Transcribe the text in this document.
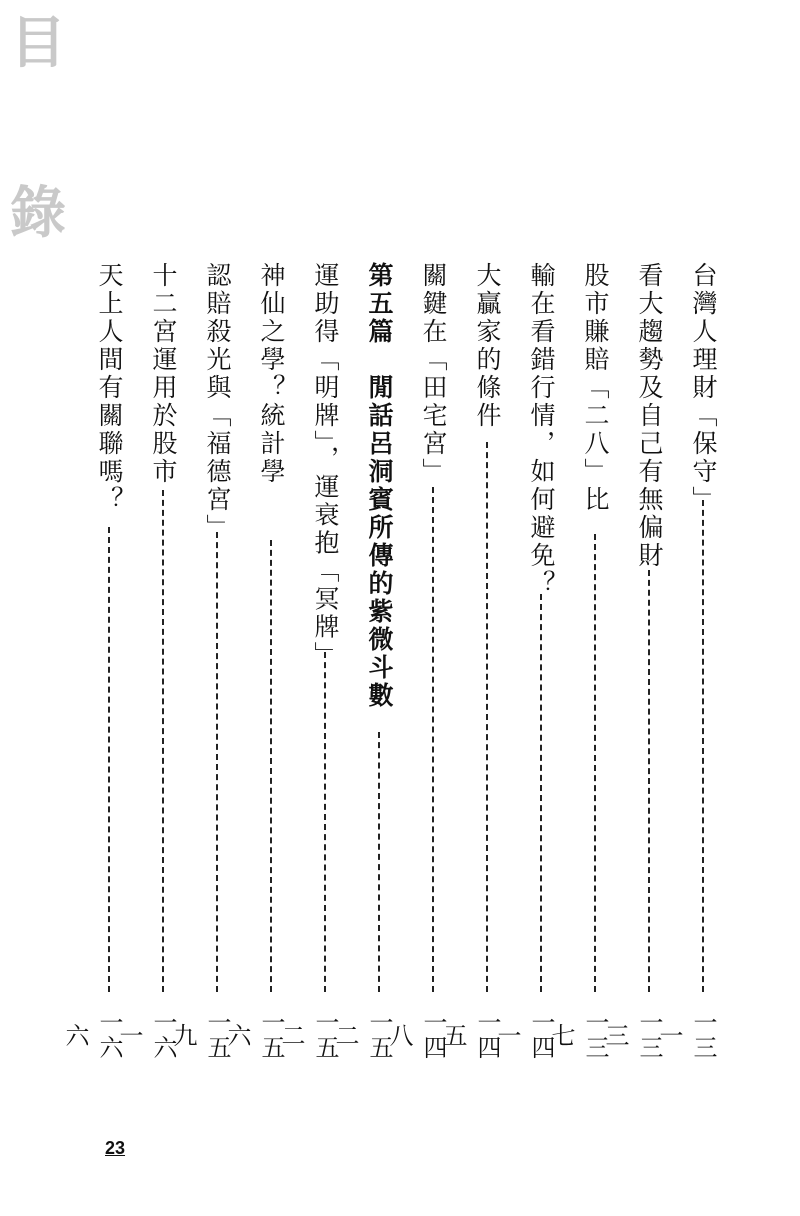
目
錄
台灣人理財「保守」
一三一
看大趨勢及自己有無偏財
一三三
股市賺賠「二八」比
一三七
輸在看錯行情，如何避免？
一四一
大贏家的條件
一四五
關鍵在「田宅宮」
一四八
第五篇　閒話呂洞賓所傳的紫微斗數
一五二
運助得「明牌」，運衰抱「冥牌」
一五二
神仙之學？統計學
一五六
認賠殺光與「福德宮」
一五九
十二宮運用於股市
一六一
天上人間有關聯嗎？
一六六
23
